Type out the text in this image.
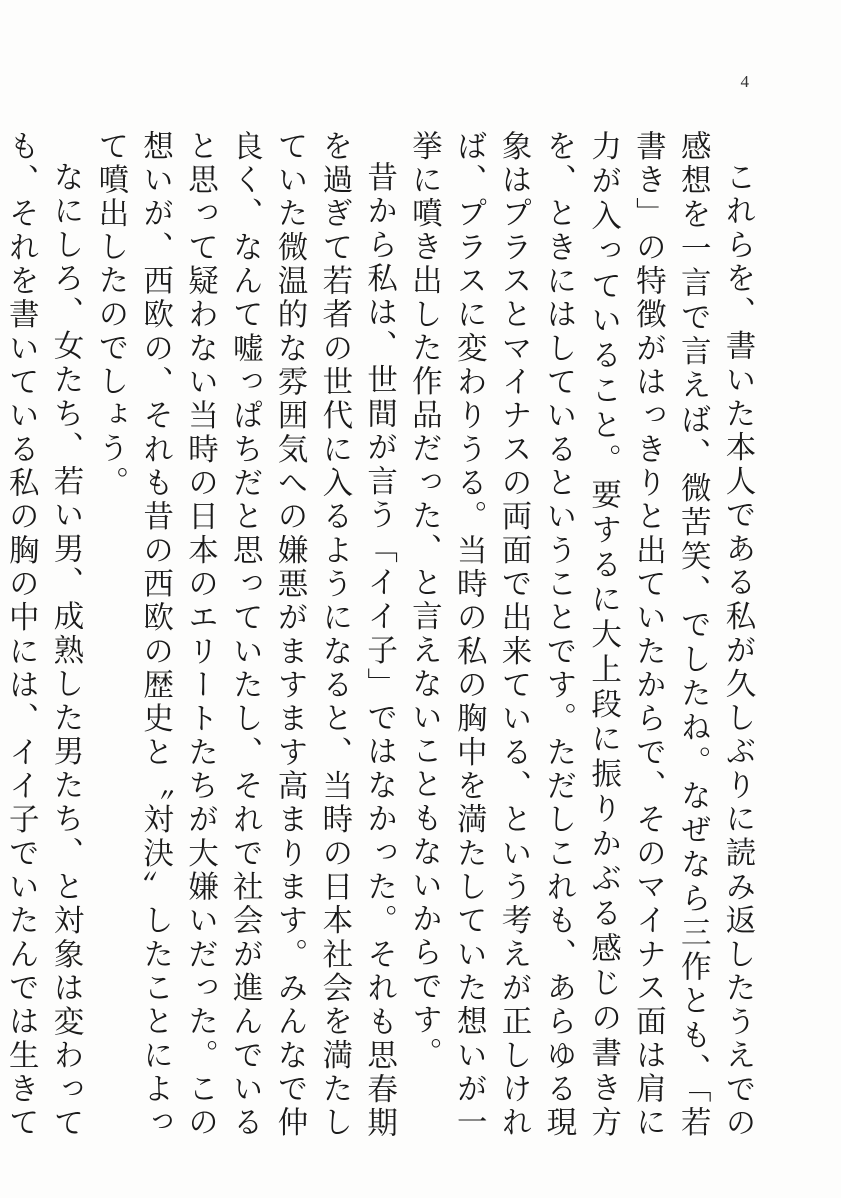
4

これらを、書いた本人である私が久しぶりに読み返したうえでの感想を一言で言えば、微苦笑、でしたね。なぜなら三作とも、「若書き」の特徴がはっきりと出ていたからで、そのマイナス面は肩に力が入っていること。要するに大上段に振りかぶる感じの書き方を、ときにはしているということです。ただしこれも、あらゆる現象はプラスとマイナスの両面で出来ている、という考えが正しければ、プラスに変わりうる。当時の私の胸中を満たしていた想いが一挙に噴き出した作品だった、と言えないこともないからです。

昔から私は、世間が言う「イイ子」ではなかった。それも思春期を過ぎて若者の世代に入るようになると、当時の日本社会を満たしていた微温的な雰囲気への嫌悪がますます高まります。みんなで仲良く、なんて嘘っぱちだと思っていたし、それで社会が進んでいると思って疑わない当時の日本のエリートたちが大嫌いだった。この想いが、西欧の、それも昔の西欧の歴史と〝対決〟したことによって噴出したのでしょう。

なにしろ、女たち、若い男、成熟した男たち、と対象は変わっても、それを書いている私の胸の中には、イイ子でいたんでは生きて
